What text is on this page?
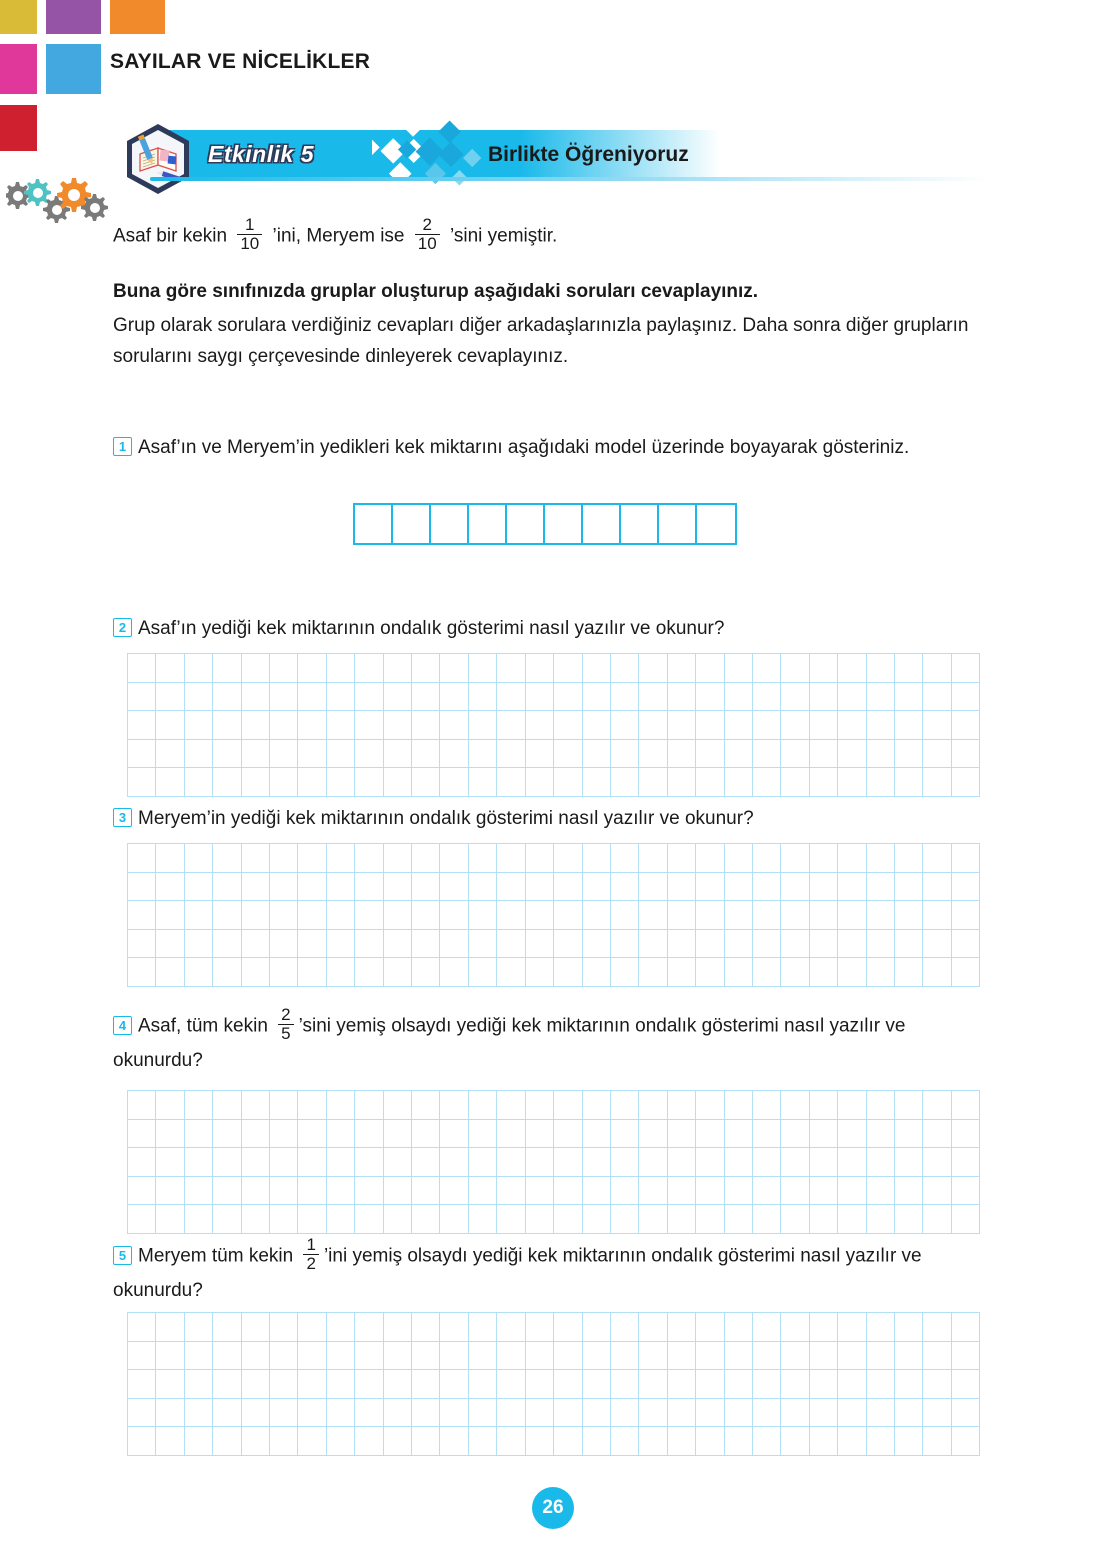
SAYILAR VE NİCELİKLER
Etkinlik 5	Birlikte Öğreniyoruz
Asaf bir kekin $\frac{1}{10}$ ’ini, Meryem ise $\frac{2}{10}$ ’sini yemiştir.
Buna göre sınıfınızda gruplar oluşturup aşağıdaki soruları cevaplayınız.
Grup olarak sorulara verdiğiniz cevapları diğer arkadaşlarınızla paylaşınız. Daha sonra diğer grupların sorularını saygı çerçevesinde dinleyerek cevaplayınız.
1 Asaf’ın ve Meryem’in yedikleri kek miktarını aşağıdaki model üzerinde boyayarak gösteriniz.
2 Asaf’ın yediği kek miktarının ondalık gösterimi nasıl yazılır ve okunur?
3 Meryem’in yediği kek miktarının ondalık gösterimi nasıl yazılır ve okunur?
4 Asaf, tüm kekin $\frac{2}{5}$ ’sini yemiş olsaydı yediği kek miktarının ondalık gösterimi nasıl yazılır ve okunurdu?
5 Meryem tüm kekin $\frac{1}{2}$ ’ini yemiş olsaydı yediği kek miktarının ondalık gösterimi nasıl yazılır ve okunurdu?
26
